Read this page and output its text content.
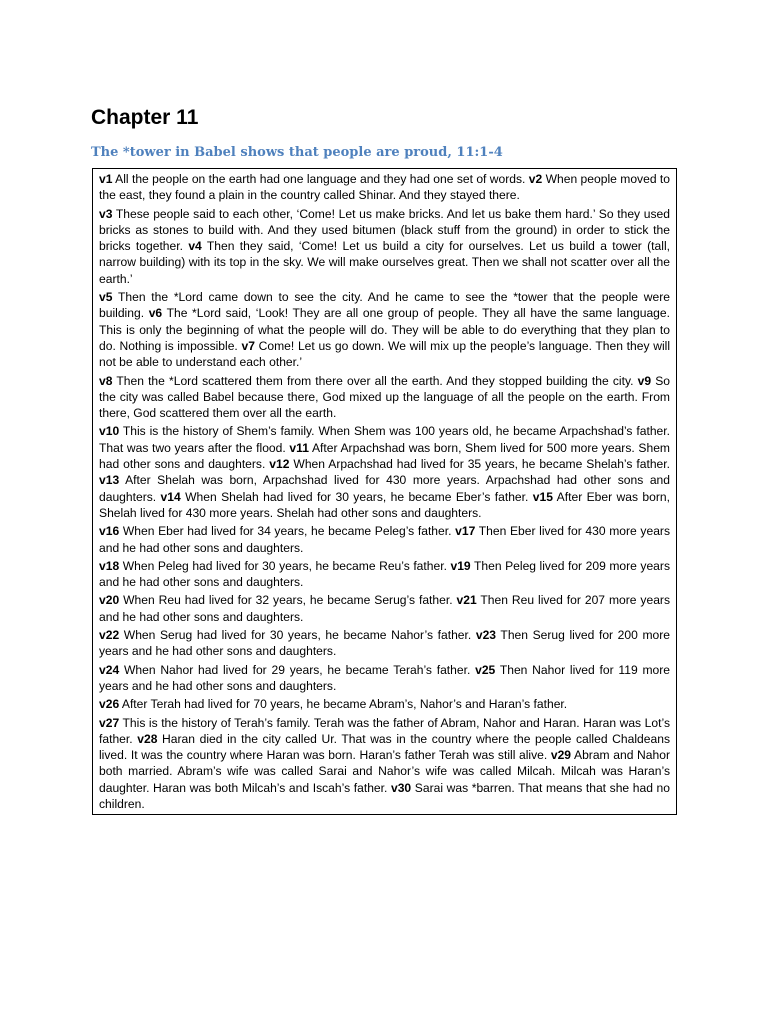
Chapter 11
The *tower in Babel shows that people are proud, 11:1-4

v1 All the people on the earth had one language and they had one set of words. v2 When people moved to the east, they found a plain in the country called Shinar. And they stayed there.

v3 These people said to each other, ‘Come! Let us make bricks. And let us bake them hard.’ So they used bricks as stones to build with. And they used bitumen (black stuff from the ground) in order to stick the bricks together. v4 Then they said, ‘Come! Let us build a city for ourselves. Let us build a tower (tall, narrow building) with its top in the sky. We will make ourselves great. Then we shall not scatter over all the earth.’

v5 Then the *Lord came down to see the city. And he came to see the *tower that the people were building. v6 The *Lord said, ‘Look! They are all one group of people. They all have the same language. This is only the beginning of what the people will do. They will be able to do everything that they plan to do. Nothing is impossible. v7 Come! Let us go down. We will mix up the people’s language. Then they will not be able to understand each other.’

v8 Then the *Lord scattered them from there over all the earth. And they stopped building the city. v9 So the city was called Babel because there, God mixed up the language of all the people on the earth. From there, God scattered them over all the earth.

v10 This is the history of Shem’s family. When Shem was 100 years old, he became Arpachshad’s father. That was two years after the flood. v11 After Arpachshad was born, Shem lived for 500 more years. Shem had other sons and daughters. v12 When Arpachshad had lived for 35 years, he became Shelah’s father. v13 After Shelah was born, Arpachshad lived for 430 more years. Arpachshad had other sons and daughters. v14 When Shelah had lived for 30 years, he became Eber’s father. v15 After Eber was born, Shelah lived for 430 more years. Shelah had other sons and daughters.

v16 When Eber had lived for 34 years, he became Peleg’s father. v17 Then Eber lived for 430 more years and he had other sons and daughters.

v18 When Peleg had lived for 30 years, he became Reu’s father. v19 Then Peleg lived for 209 more years and he had other sons and daughters.

v20 When Reu had lived for 32 years, he became Serug’s father. v21 Then Reu lived for 207 more years and he had other sons and daughters.

v22 When Serug had lived for 30 years, he became Nahor’s father. v23 Then Serug lived for 200 more years and he had other sons and daughters.

v24 When Nahor had lived for 29 years, he became Terah’s father. v25 Then Nahor lived for 119 more years and he had other sons and daughters.

v26 After Terah had lived for 70 years, he became Abram’s, Nahor’s and Haran’s father.

v27 This is the history of Terah’s family. Terah was the father of Abram, Nahor and Haran. Haran was Lot’s father. v28 Haran died in the city called Ur. That was in the country where the people called Chaldeans lived. It was the country where Haran was born. Haran’s father Terah was still alive. v29 Abram and Nahor both married. Abram’s wife was called Sarai and Nahor’s wife was called Milcah. Milcah was Haran’s daughter. Haran was both Milcah’s and Iscah’s father. v30 Sarai was *barren. That means that she had no children.
